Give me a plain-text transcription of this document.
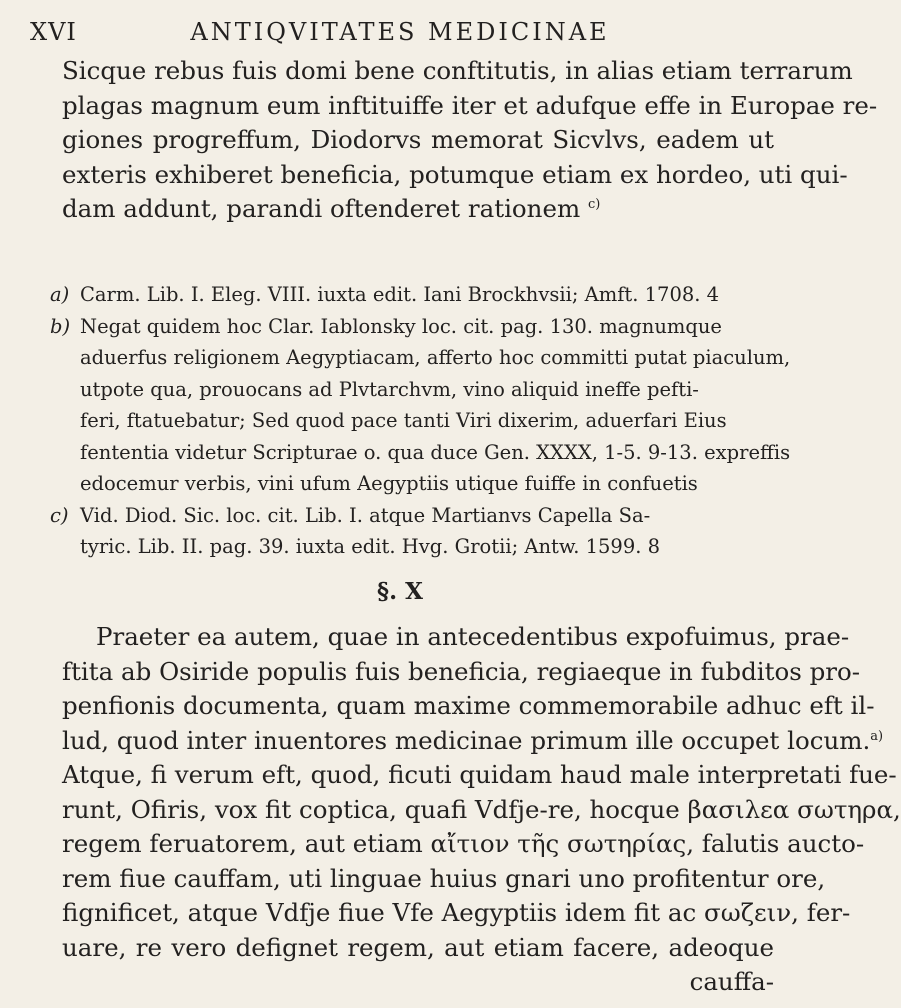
XVI	ANTIQVITATES MEDICINAE
Sicque rebus fuis domi bene conftitutis, in alias etiam terrarum
plagas magnum eum inftituiffe iter et adufque effe in Europae re-
giones progreffum, Diodorvs memorat Sicvlvs, eadem ut
exteris exhiberet beneficia, potumque etiam ex hordeo, uti qui-
dam addunt, parandi oftenderet rationem $^{c)}$
a) Carm. Lib. I. Eleg. VIII. iuxta edit. Iani Brockhvsii; Amft. 1708. 4
b) Negat quidem hoc Clar. Iablonsky loc. cit. pag. 130. magnumque
aduerfus religionem Aegyptiacam, afferto hoc committi putat piaculum,
utpote qua, prouocans ad Plvtarchvm, vino aliquid ineffe pefti-
feri, ftatuebatur; Sed quod pace tanti Viri dixerim, aduerfari Eius
fententia videtur Scripturae o. qua duce Gen. XXXX, 1-5. 9-13. expreffis
edocemur verbis, vini ufum Aegyptiis utique fuiffe in confuetis
c) Vid. Diod. Sic. loc. cit. Lib. I. atque Martianvs Capella Sa-
tyric. Lib. II. pag. 39. iuxta edit. Hvg. Grotii; Antw. 1599. 8
§. X
Praeter ea autem, quae in antecedentibus expofuimus, prae-
ftita ab Osiride populis fuis beneficia, regiaeque in fubditos pro-
penfionis documenta, quam maxime commemorabile adhuc eft il-
lud, quod inter inuentores medicinae primum ille occupet locum.$^{a)}$
Atque, fi verum eft, quod, ficuti quidam haud male interpretati fue-
runt, Ofiris, vox fit coptica, quafi Vdfje-re, hocque βασιλεα σωτηρα,
regem feruatorem, aut etiam αἴτιον τῆς σωτηρίας, falutis aucto-
rem fiue cauffam, uti linguae huius gnari uno profitentur ore,
fignificet, atque Vdfje fiue Vfe Aegyptiis idem fit ac σωζειν, fer-
uare, re vero defignet regem, aut etiam facere, adeoque
cauffa-
